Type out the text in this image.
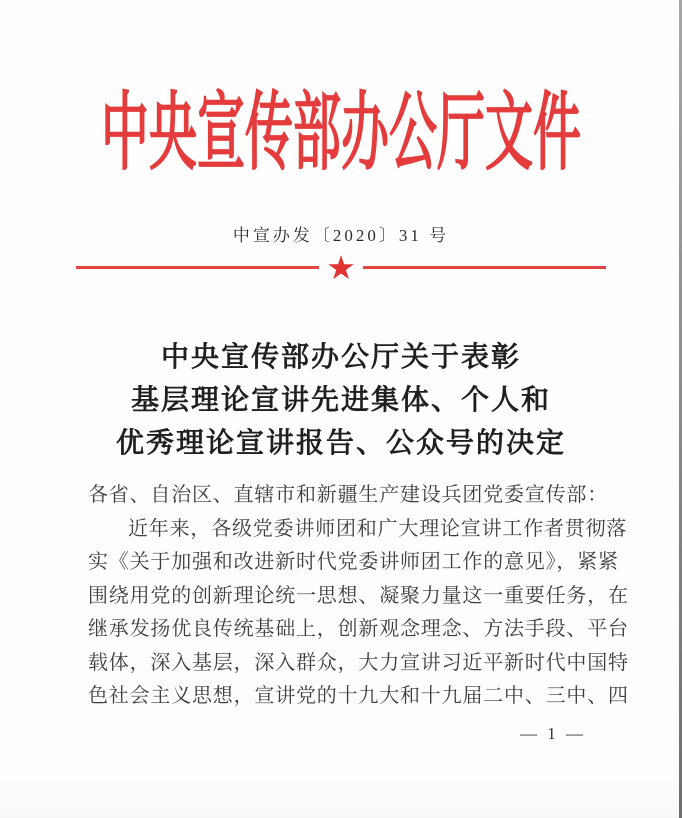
中央宣传部办公厅文件
中宣办发〔2020〕31 号
★
中央宣传部办公厅关于表彰
基层理论宣讲先进集体、个人和
优秀理论宣讲报告、公众号的决定
各省、自治区、直辖市和新疆生产建设兵团党委宣传部：
近年来，各级党委讲师团和广大理论宣讲工作者贯彻落
实《关于加强和改进新时代党委讲师团工作的意见》，紧紧
围绕用党的创新理论统一思想、凝聚力量这一重要任务，在
继承发扬优良传统基础上，创新观念理念、方法手段、平台
载体，深入基层，深入群众，大力宣讲习近平新时代中国特
色社会主义思想，宣讲党的十九大和十九届二中、三中、四
— 1 —
